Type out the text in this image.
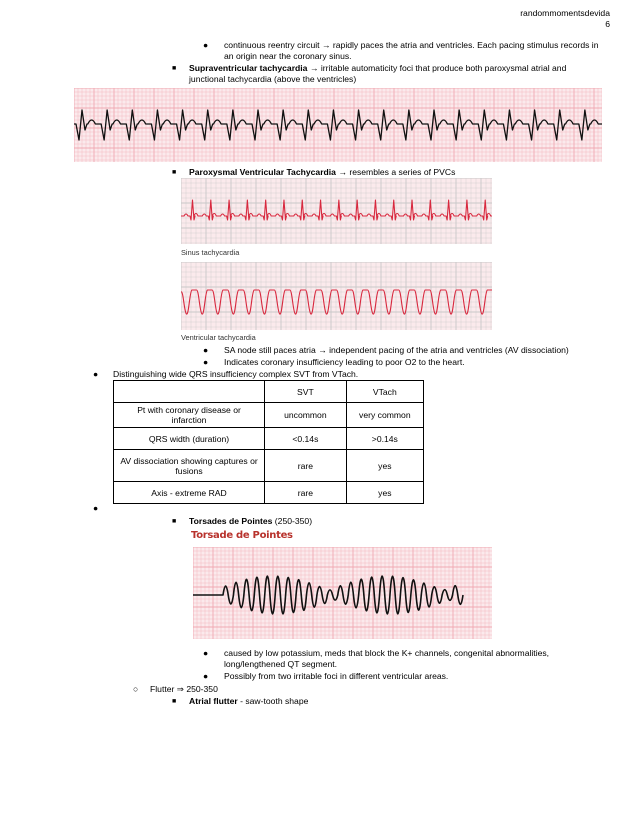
randommomentsdevida
6
● continuous reentry circuit → rapidly paces the atria and ventricles. Each pacing stimulus records in
an origin near the coronary sinus.
■ Supraventricular tachycardia → irritable automaticity foci that produce both paroxysmal atrial and
junctional tachycardia (above the ventricles)
■ Paroxysmal Ventricular Tachycardia → resembles a series of PVCs
Sinus tachycardia
Ventricular tachycardia
● SA node still paces atria → independent pacing of the atria and ventricles (AV dissociation)
● Indicates coronary insufficiency leading to poor O2 to the heart.
● Distinguishing wide QRS insufficiency complex SVT from VTach.
	SVT	VTach
Pt with coronary disease or infarction	uncommon	very common
QRS width (duration)	<0.14s	>0.14s
AV dissociation showing captures or fusions	rare	yes
Axis - extreme RAD	rare	yes
●
■ Torsades de Pointes (250-350)
Torsade de Pointes
● caused by low potassium, meds that block the K+ channels, congenital abnormalities,
long/lengthened QT segment.
● Possibly from two irritable foci in different ventricular areas.
○ Flutter ⇒ 250-350
■ Atrial flutter - saw-tooth shape
